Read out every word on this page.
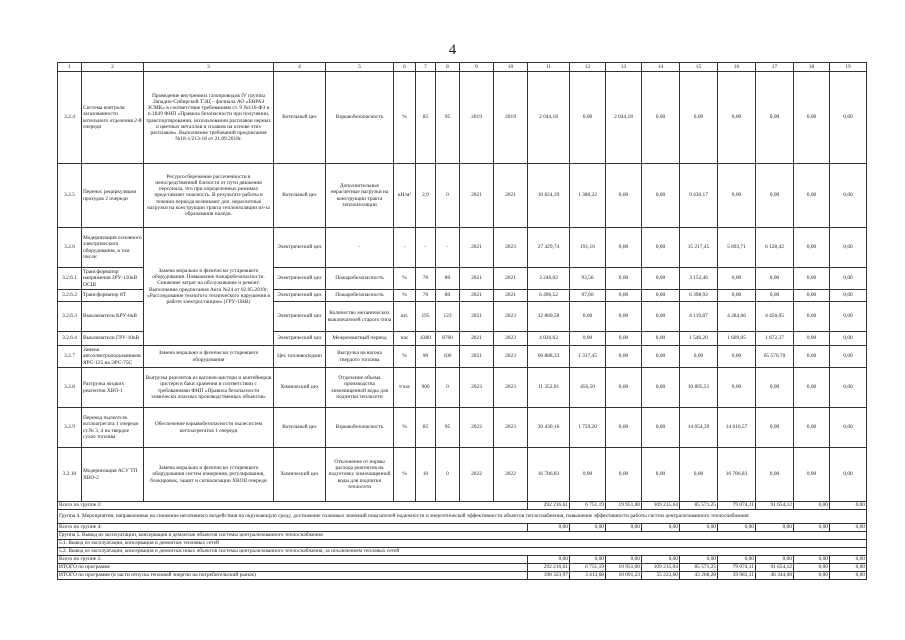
4
1	2	3	4	5	6	7	8	9	10	11	12	13	14	15	16	17	18	19
3.2.4	Система контроля загазованности котельного отделения 2-й очереди	Проведение внутренних газопроводов IV группы Западно-Сибирской ТЭЦ – филиала АО «ЕВРАЗ ЗСМК» в соответствие требованиям ст. 9 №116-ФЗ и п.1849 ФНП «Правила безопасности при получении, транспортировании, использовании расплавов черных и цветных металлов и сплавов на основе этих расплавов». Выполнение требований предписания №18-1/213-18 от 21.09.2018г.	Котельный цех	Взрывобезопасность	%	85	95	2019	2019	2 044,18	0,00	2 044,18	0,00	0,00	0,00	0,00	0,00	0,00
3.2.5	Перенос рециркуляции прохудок 2 очереди	Ресурсосбережение рассеченности в непосредственной близости от пути движения персонала, что при определенных режимах представляет опасность. В результате работы в течении периода возникают доп. нерасчетные нагрузки на конструкции тракта теплоизоляции из-за образования наледи.	Котельный цех	Дополнительные нерасчетные нагрузки на конструкции тракта теплоизоляции	кН/м²	2,9	0	2021	2021	10 824,39	1 388,22	0,00	0,00	9 436,17	0,00	0,00	0,00	0,00
3.2.6	Модернизация основного электрического оборудования, в том числе:	Замена морально и физически устаревшего оборудования. Повышение пожаробезопасности. Снижение затрат на обслуживание и ремонт. Выполнение предписания Акта №24 от 02.05.2019г. «Расследование техногогo технического нарушения в работе электростанции» (ГРУ-10кВ)	Электрический цех	-	-	-	-	2021	2023	27 429,74	191,16	0,00	0,00	15 217,45	5 893,71	6 128,42	0,00	0,00
3.2.6.1	Трансформатор напряжения ЗРУ-110кВ ОСШ		Электрический цех	Пожаробезопасность	%	70	80	2021	2021	3 246,02	93,56	0,00	0,00	3 152,46	0,00	0,00	0,00	0,00
3.2.6.2	Трансформатор 8Т		Электрический цех	Пожаробезопасность	%	70	80	2021	2021	6 496,52	97,60	0,00	0,00	6 398,92	0,00	0,00	0,00	0,00
3.2.6.3	Выключатели КРУ-6кВ		Электрический цех	Количество механических выключателей старого типа	шт.	195	123	2021	2023	12 860,58	0,00	0,00	0,00	4 119,87	4 284,66	4 456,05	0,00	0,00
3.2.6.4	Выключатели ГРУ-10кВ		Электрический цех	Межремонтный период	час	4380	8760	2021	2023	4 826,62	0,00	0,00	0,00	1 546,20	1 609,05	1 672,37	0,00	0,00
3.2.7	Замена автоэлектроподъемников ЯРС-125 на ЭРС-75С	Замена морально и физически устаревшего оборудования	Цех топливоподачи	Выгрузка на вагона твердого топлива	%	90	100	2021	2023	66 888,33	1 317,45	0,00	0,00	0,00	0,00	65 570,70	0,00	0,00
3.2.8	Разгрузка жидких реагентов ХВО-1	Выгрузка реагентов из вагонов-цистерн и контейнеров цистерн в баки хранения в соответствии с требованиями ФНП «Правила безопасности химически опасных производственных объектов»	Химический цех	Отделение объема производства химочищенной воды для подпитки теплосети	т/час	900	0	2023	2023	11 352,01	456,50	0,00	0,00	10 895,51	0,00	0,00	0,00	0,00
3.2.9	Перевод пылеотсек котлоагрегата 1 очереди ст.№ 3, 4 на твердое сухое топлива	Обеспечение взрывобезопасности пылесистем котлоагрегатов 1 очереди	Котельный цех	Взрывобезопасность	%	85	95	2022	2023	30 430,16	1 759,20	0,00	0,00	14 054,39	14 616,57	0,00	0,00	0,00
3.2.10	Модернизация АСУ ТП ХВО-2	Замена морально и физически устаревшего оборудования систем измерения, регулирования, блокировок, защит и сигнализации ХВОII очереди	Химический цех	Отклонение от нормы расхода реагентов на подготовку химочищенной воды для подпитки теплосети	%	10	0	2022	2022	16 786,83	0,00	0,00	0,00	0,00	16 786,83	0,00	0,00	0,00
Всего по группе 3:										292 216,61	6 751,19	19 951,00	109 215,04	85 571,25	79 074,11	91 654,12	0,00	0,00
Группа 4. Мероприятия, направленные на снижение негативного воздействия на окружающую среду, достижение плановых значений показателей надежности и энергетической эффективности объектов теплоснабжения, повышение эффективности работы систем централизованного теплоснабжения																		
Всего по группе 4:										0,00	0,00	0,00	0,00	0,00	0,00	0,00	0,00	0,00
Группа 5. Вывод из эксплуатации, консервация и демонтаж объектов системы централизованного теплоснабжения																		
5.1. Вывод из эксплуатации, консервация и демонтаж тепловых сетей																		
5.2. Вывод из эксплуатации, консервация и демонтаж иных объектов системы централизованного теплоснабжения, за исключением тепловых сетей																		
Всего по группе 5:										0,00	0,00	0,00	0,00	0,00	0,00	0,00	0,00	0,00
ИТОГО по программе										292 216,61	6 751,19	19 951,00	109 215,04	85 571,25	79 074,11	91 654,12	0,00	0,00
ИТОГО по программе (в части отпуска тепловой энергии на потребительский рынок)										198 323,97	3 413,68	10 091,23	55 223,60	43 268,28	39 983,11	46 344,08	0,00	0,00
